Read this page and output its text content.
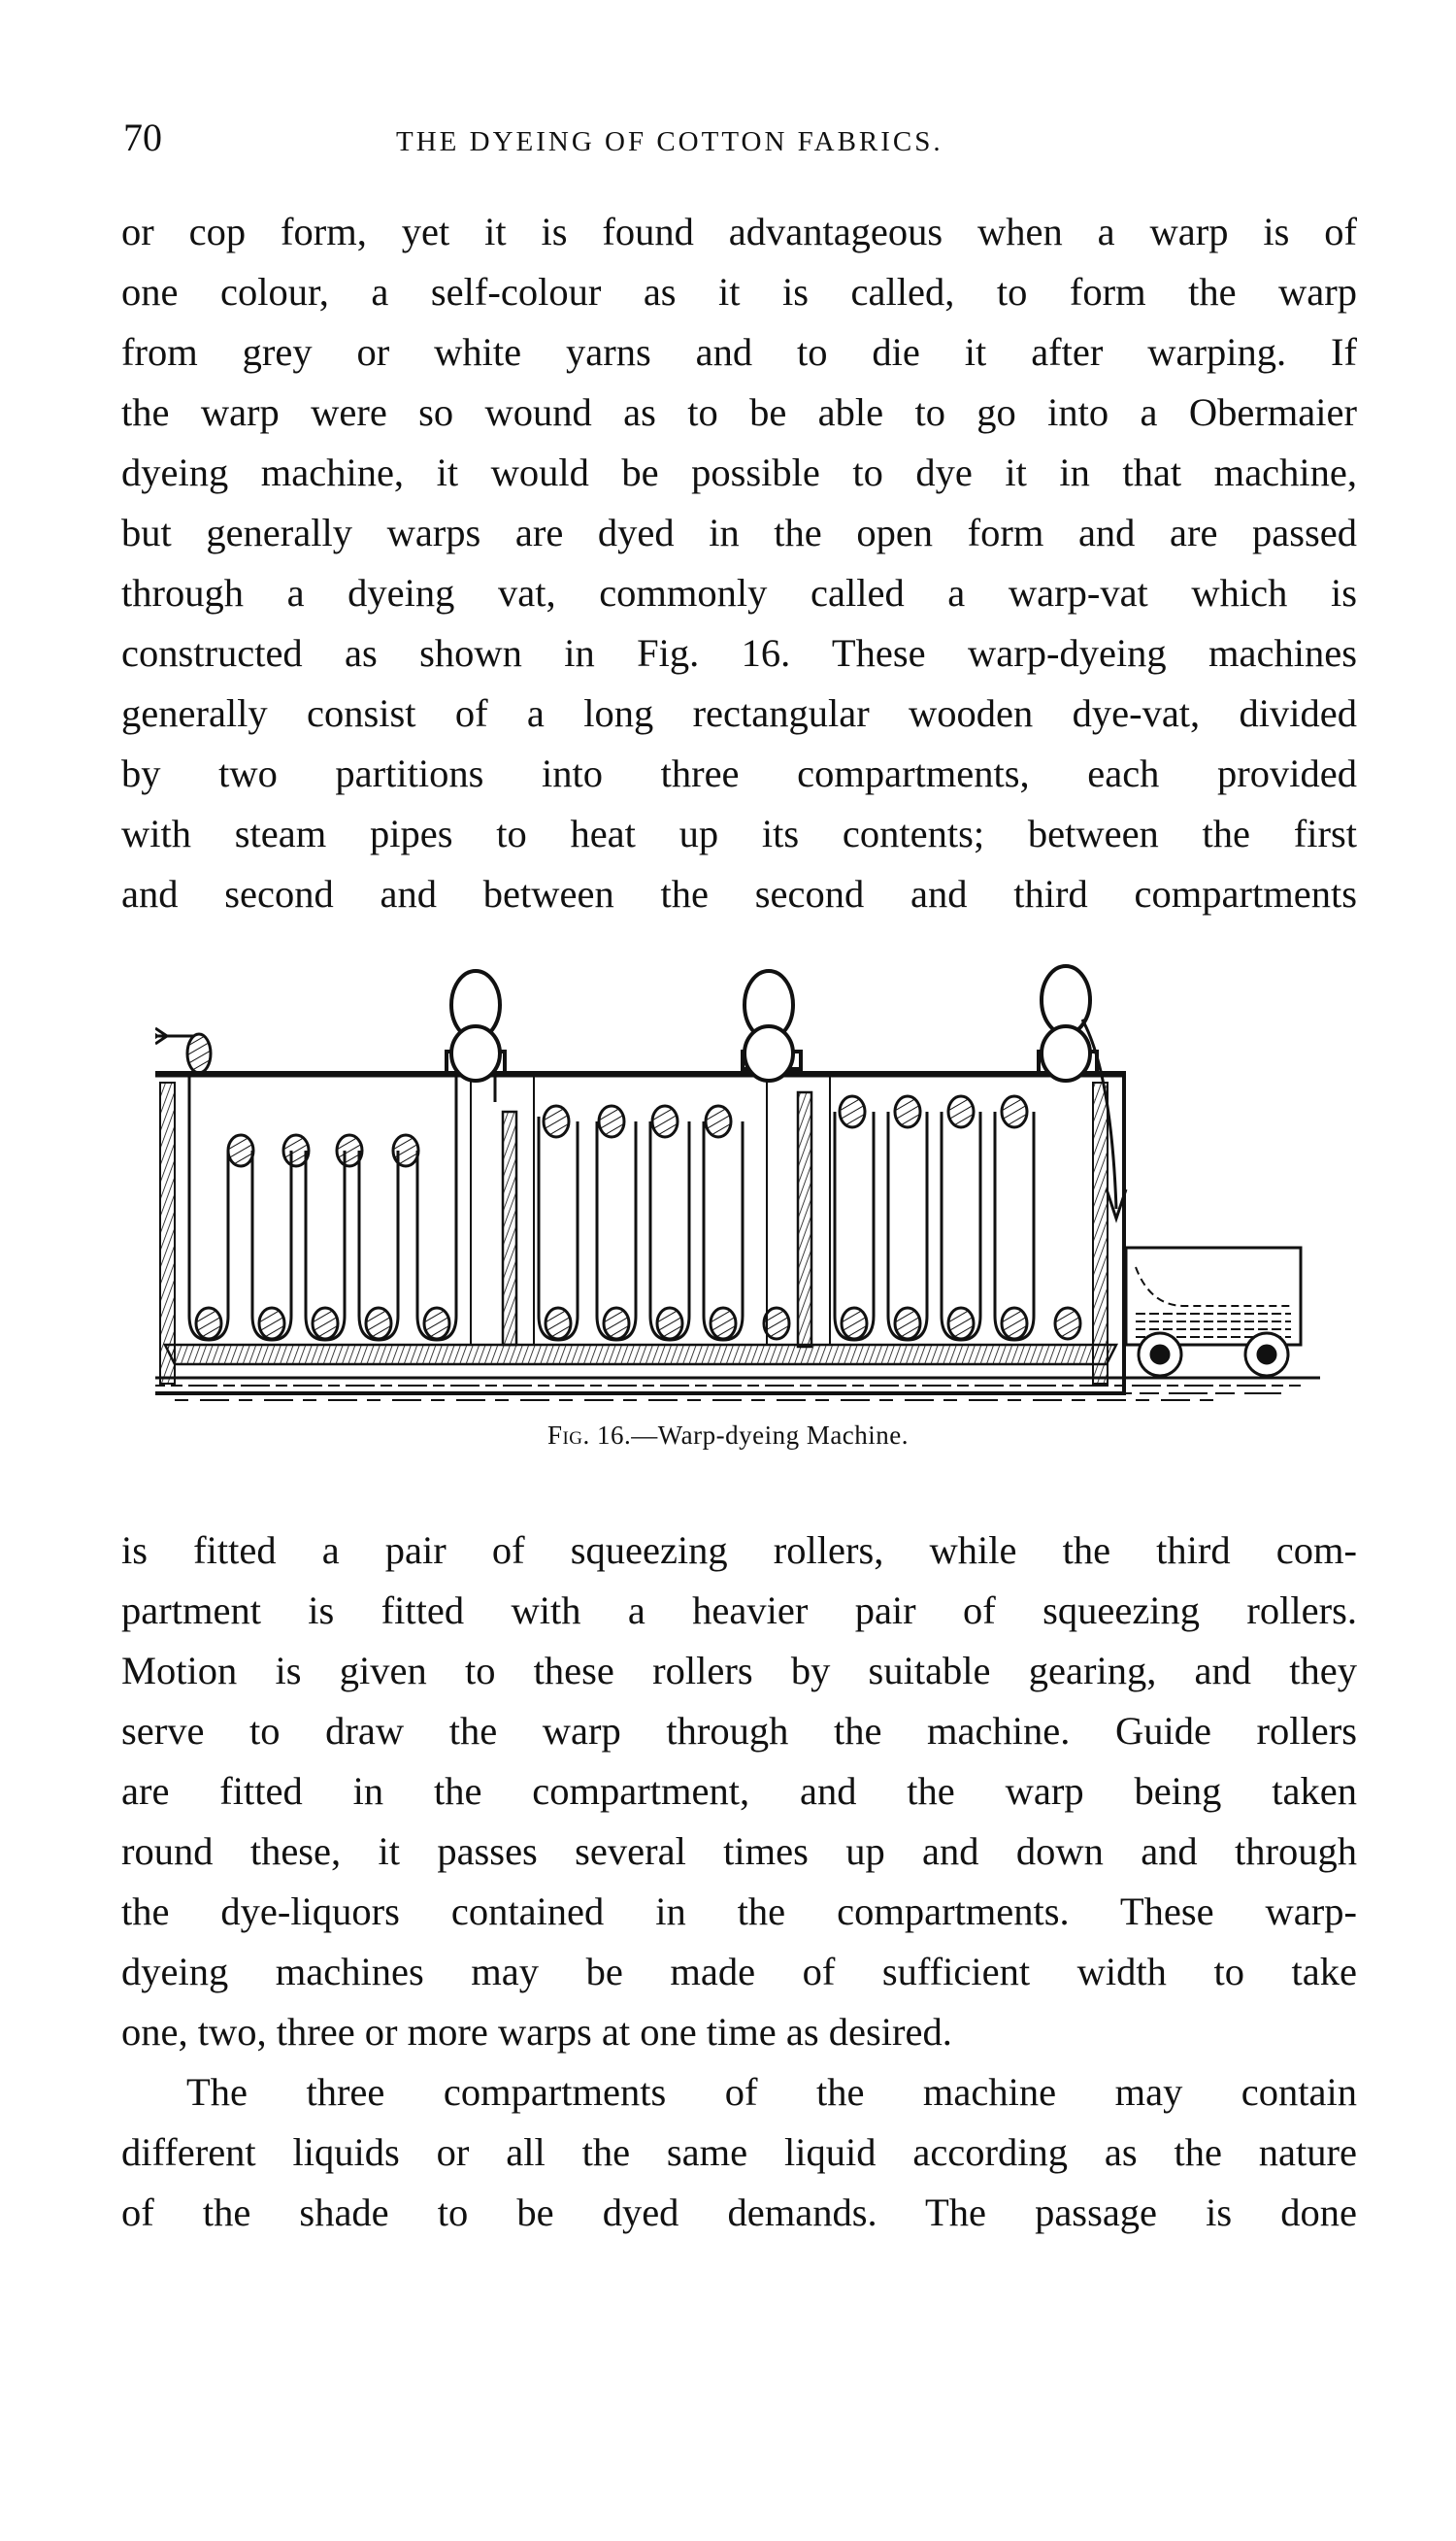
70	THE DYEING OF COTTON FABRICS.
or cop form, yet it is found advantageous when a warp is of
one colour, a self-colour as it is called, to form the warp
from grey or white yarns and to die it after warping. If
the warp were so wound as to be able to go into a Obermaier
dyeing machine, it would be possible to dye it in that machine,
but generally warps are dyed in the open form and are passed
through a dyeing vat, commonly called a warp-vat which is
constructed as shown in Fig. 16. These warp-dyeing machines
generally consist of a long rectangular wooden dye-vat, divided
by two partitions into three compartments, each provided
with steam pipes to heat up its contents; between the first
and second and between the second and third compartments
Fig. 16.—Warp-dyeing Machine.
is fitted a pair of squeezing rollers, while the third com-
partment is fitted with a heavier pair of squeezing rollers.
Motion is given to these rollers by suitable gearing, and they
serve to draw the warp through the machine. Guide rollers
are fitted in the compartment, and the warp being taken
round these, it passes several times up and down and through
the dye-liquors contained in the compartments. These warp-
dyeing machines may be made of sufficient width to take
one, two, three or more warps at one time as desired.
The three compartments of the machine may contain
different liquids or all the same liquid according as the nature
of the shade to be dyed demands. The passage is done
